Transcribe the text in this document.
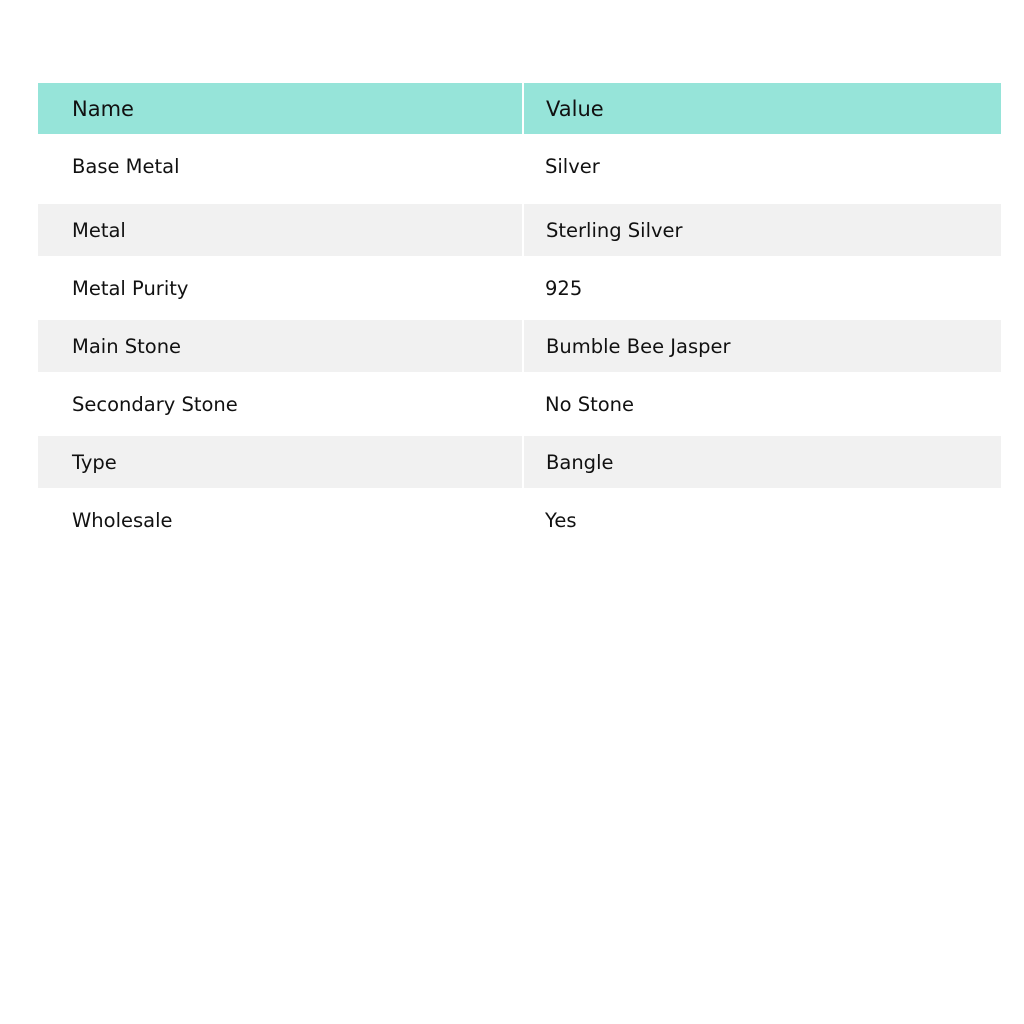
Name	Value
Base Metal	Silver
Metal	Sterling Silver
Metal Purity	925
Main Stone	Bumble Bee Jasper
Secondary Stone	No Stone
Type	Bangle
Wholesale	Yes
